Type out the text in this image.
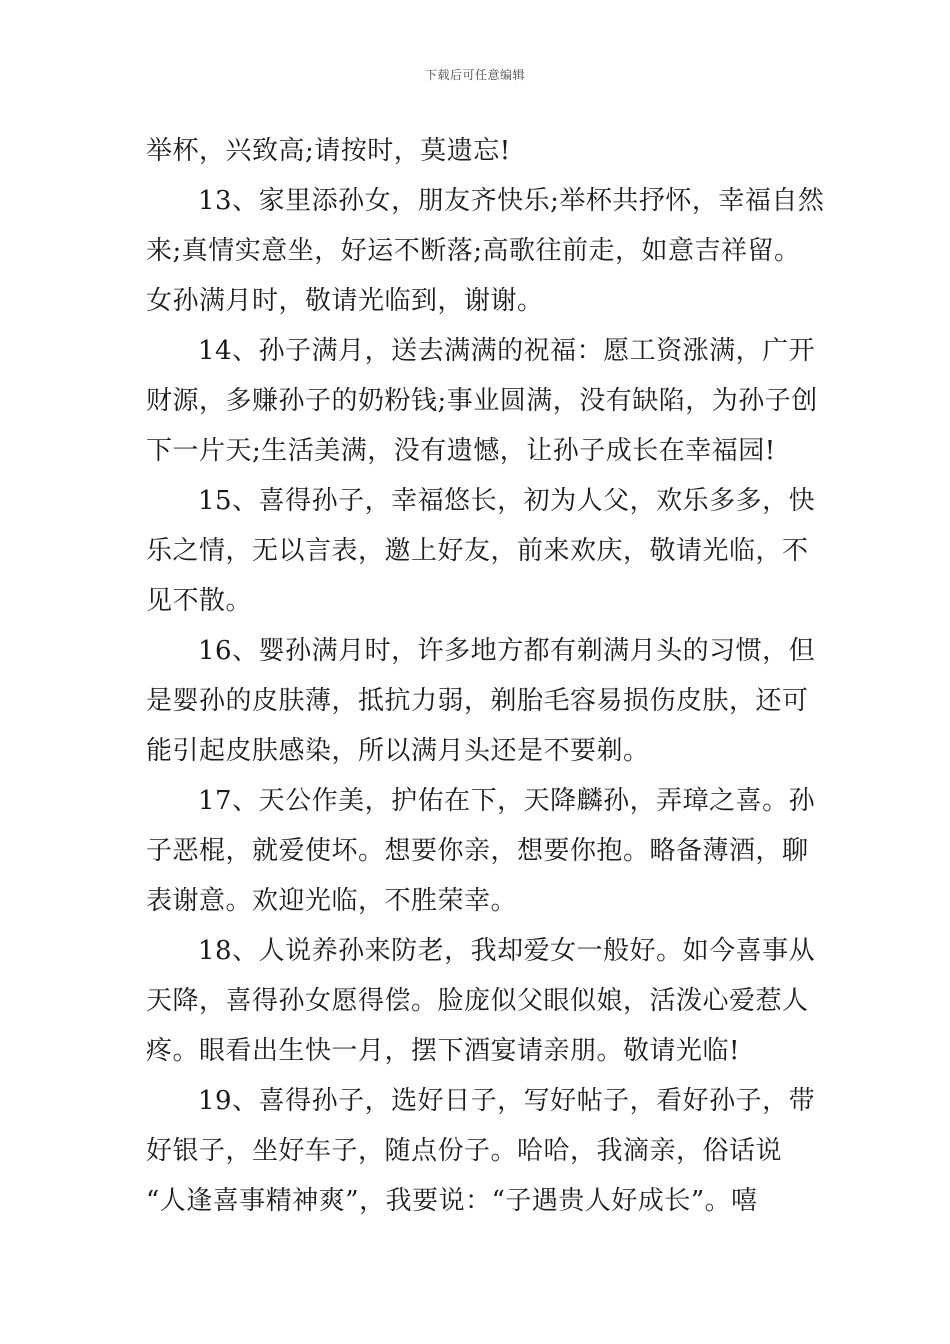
下载后可任意编辑
举杯，兴致高;请按时，莫遗忘!
13、家里添孙女，朋友齐快乐;举杯共抒怀，幸福自然
来;真情实意坐，好运不断落;高歌往前走，如意吉祥留。
女孙满月时，敬请光临到，谢谢。
14、孙子满月，送去满满的祝福：愿工资涨满，广开
财源，多赚孙子的奶粉钱;事业圆满，没有缺陷，为孙子创
下一片天;生活美满，没有遗憾，让孙子成长在幸福园!
15、喜得孙子，幸福悠长，初为人父，欢乐多多，快
乐之情，无以言表，邀上好友，前来欢庆，敬请光临，不
见不散。
16、婴孙满月时，许多地方都有剃满月头的习惯，但
是婴孙的皮肤薄，抵抗力弱，剃胎毛容易损伤皮肤，还可
能引起皮肤感染，所以满月头还是不要剃。
17、天公作美，护佑在下，天降麟孙，弄璋之喜。孙
子恶棍，就爱使坏。想要你亲，想要你抱。略备薄酒，聊
表谢意。欢迎光临，不胜荣幸。
18、人说养孙来防老，我却爱女一般好。如今喜事从
天降，喜得孙女愿得偿。脸庞似父眼似娘，活泼心爱惹人
疼。眼看出生快一月，摆下酒宴请亲朋。敬请光临!
19、喜得孙子，选好日子，写好帖子，看好孙子，带
好银子，坐好车子，随点份子。哈哈，我滴亲，俗话说
“人逢喜事精神爽”，我要说：“子遇贵人好成长”。嘻
